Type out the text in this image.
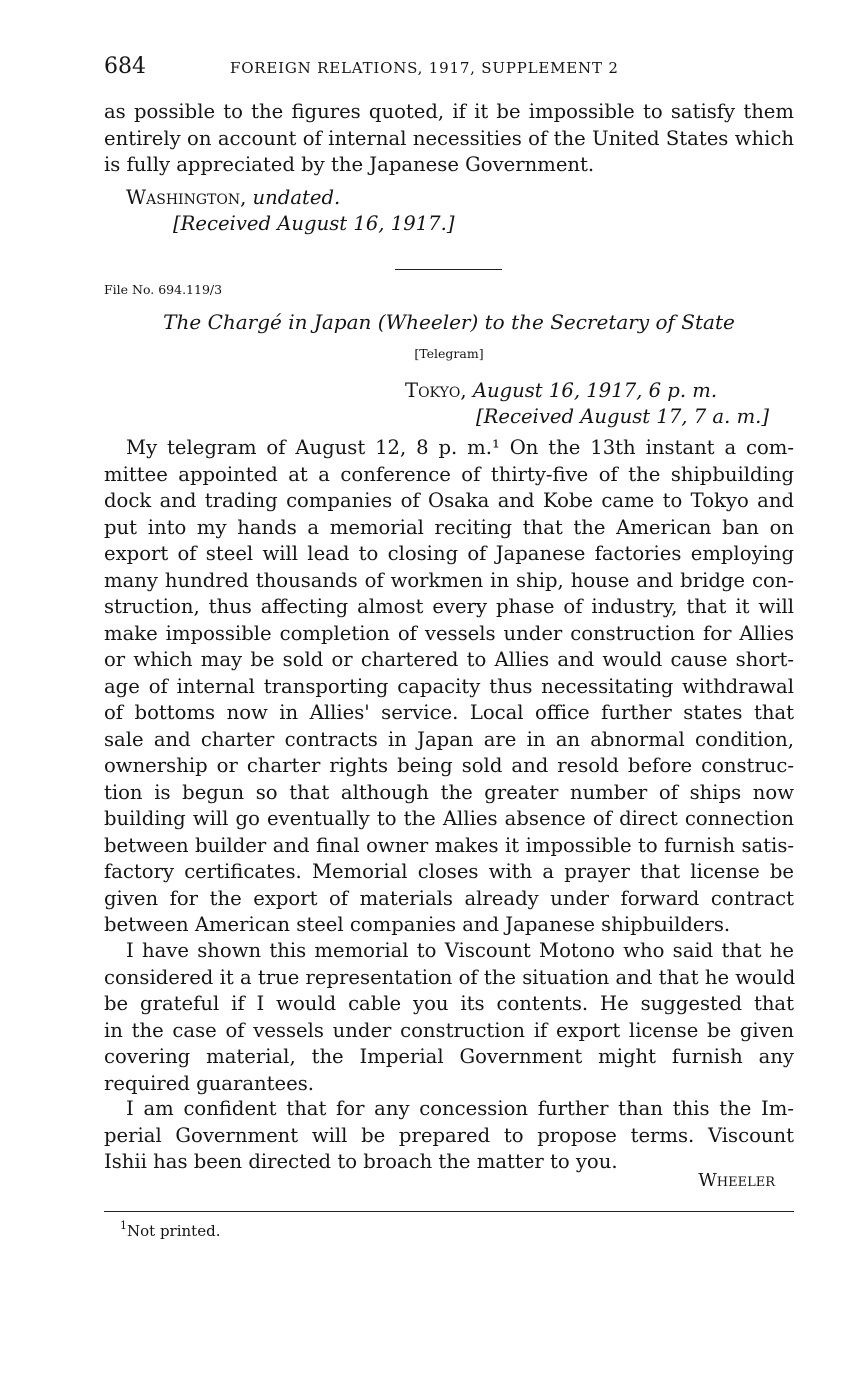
684	FOREIGN RELATIONS, 1917, SUPPLEMENT 2
as possible to the figures quoted, if it be impossible to satisfy them
entirely on account of internal necessities of the United States which
is fully appreciated by the Japanese Government.
Washington, undated.
[Received August 16, 1917.]
File No. 694.119/3
The Chargé in Japan (Wheeler) to the Secretary of State
[Telegram]
Tokyo, August 16, 1917, 6 p. m.
[Received August 17, 7 a. m.]
My telegram of August 12, 8 p. m.¹ On the 13th instant a com-
mittee appointed at a conference of thirty-five of the shipbuilding
dock and trading companies of Osaka and Kobe came to Tokyo and
put into my hands a memorial reciting that the American ban on
export of steel will lead to closing of Japanese factories employing
many hundred thousands of workmen in ship, house and bridge con-
struction, thus affecting almost every phase of industry, that it will
make impossible completion of vessels under construction for Allies
or which may be sold or chartered to Allies and would cause short-
age of internal transporting capacity thus necessitating withdrawal
of bottoms now in Allies' service. Local office further states that
sale and charter contracts in Japan are in an abnormal condition,
ownership or charter rights being sold and resold before construc-
tion is begun so that although the greater number of ships now
building will go eventually to the Allies absence of direct connection
between builder and final owner makes it impossible to furnish satis-
factory certificates. Memorial closes with a prayer that license be
given for the export of materials already under forward contract
between American steel companies and Japanese shipbuilders.
I have shown this memorial to Viscount Motono who said that he
considered it a true representation of the situation and that he would
be grateful if I would cable you its contents. He suggested that
in the case of vessels under construction if export license be given
covering material, the Imperial Government might furnish any
required guarantees.
I am confident that for any concession further than this the Im-
perial Government will be prepared to propose terms. Viscount
Ishii has been directed to broach the matter to you.
Wheeler
$^1$Not printed.
